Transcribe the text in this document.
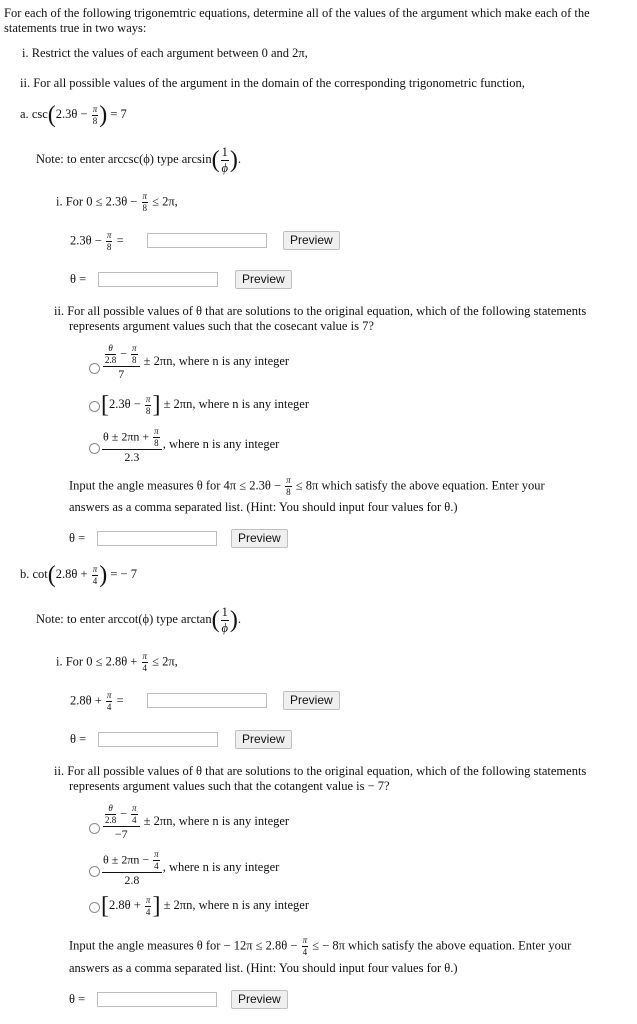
For each of the following trigonemtric equations, determine all of the values of the argument which make each of the
statements true in two ways:
i. Restrict the values of each argument between 0 and 2π,
ii. For all possible values of the argument in the domain of the corresponding trigonometric function,
a. $\csc(2.3\theta - \frac{\pi}{8}$ ) = 7
Note: to enter arccsc(ϕ) type $\arcsin( \frac{1}{\phi}$ ).
i. For $0 \le 2.3\theta - \frac{\pi}{8} \le 2\pi$,
$2.3\theta - \frac{\pi}{8}$ =	Preview
θ =	Preview
ii. For all possible values of θ that are solutions to the original equation, which of the following statements
represents argument values such that the cosecant value is 7?
$\frac{\frac{\theta}{2.8} - \frac{\pi}{8}}{7} \pm 2\pi n$, where n is any integer
[$2.3\theta - \frac{\pi}{8}$ ] ± 2πn, where n is any integer
$\frac{\theta \pm 2\pi n + \frac{\pi}{8}}{2.3}$ , where n is any integer
Input the angle measures θ for $4\pi \le 2.3\theta - \frac{\pi}{8} \le 8\pi$ which satisfy the above equation. Enter your
answers as a comma separated list. (Hint: You should input four values for θ.)
θ =	Preview
b. $\cot(2.8\theta + \frac{\pi}{4}$ ) = − 7
Note: to enter arccot(ϕ) type $\arctan( \frac{1}{\phi}$ ).
i. For $0 \le 2.8\theta + \frac{\pi}{4} \le 2\pi$,
$2.8\theta + \frac{\pi}{4}$ =	Preview
θ =	Preview
ii. For all possible values of θ that are solutions to the original equation, which of the following statements
represents argument values such that the cotangent value is − 7?
$\frac{\frac{\theta}{2.8} - \frac{\pi}{4}}{-7} \pm 2\pi n$, where n is any integer
$\frac{\theta \pm 2\pi n - \frac{\pi}{4}}{2.8}$ , where n is any integer
[$2.8\theta + \frac{\pi}{4}$ ] ± 2πn, where n is any integer
Input the angle measures θ for − $12\pi \le 2.8\theta - \frac{\pi}{4}$ ≤ − 8π which satisfy the above equation. Enter your
answers as a comma separated list. (Hint: You should input four values for θ.)
θ =	Preview
